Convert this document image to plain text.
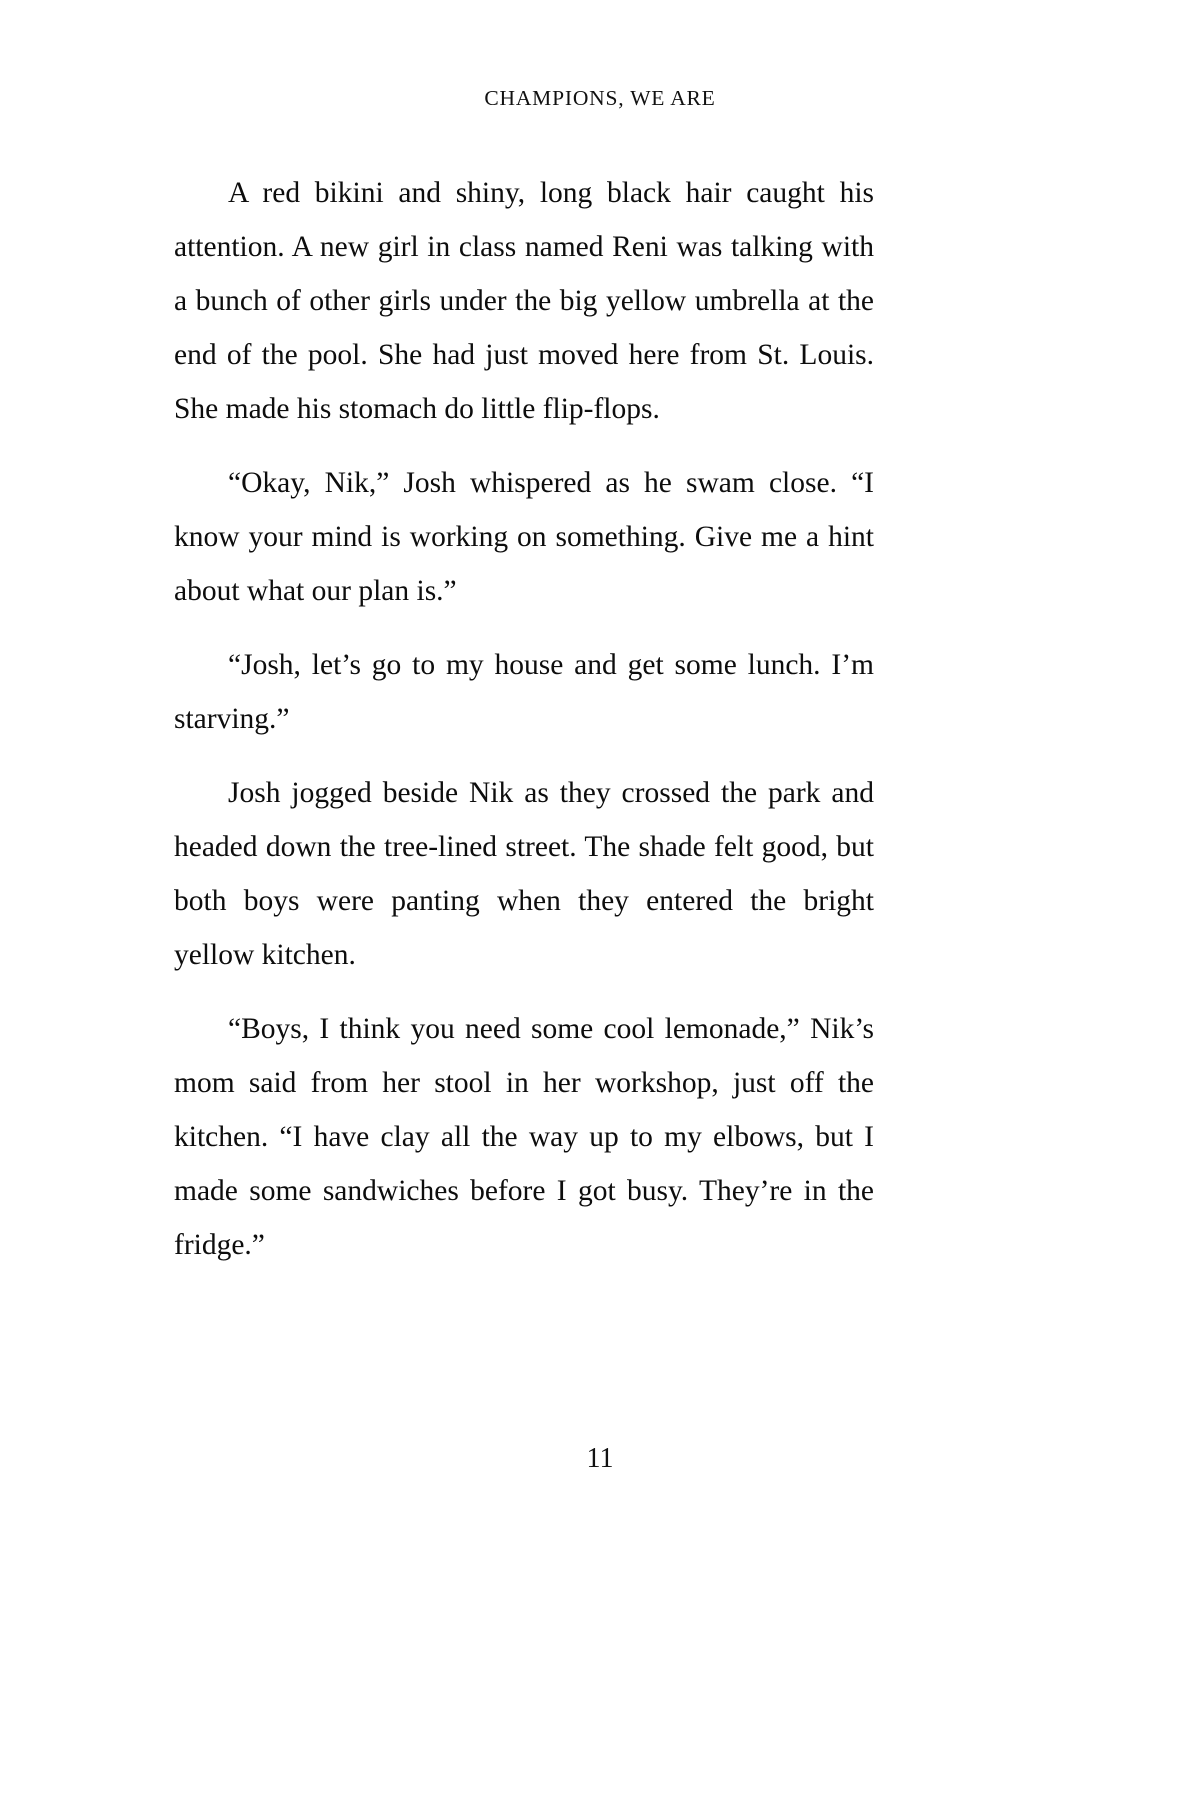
CHAMPIONS, WE ARE

A red bikini and shiny, long black hair caught his attention. A new girl in class named Reni was talking with a bunch of other girls under the big yellow umbrella at the end of the pool. She had just moved here from St. Louis. She made his stomach do little flip-flops.

“Okay, Nik,” Josh whispered as he swam close. “I know your mind is working on something. Give me a hint about what our plan is.”

“Josh, let’s go to my house and get some lunch. I’m starving.”

Josh jogged beside Nik as they crossed the park and headed down the tree-lined street. The shade felt good, but both boys were panting when they entered the bright yellow kitchen.

“Boys, I think you need some cool lemonade,” Nik’s mom said from her stool in her workshop, just off the kitchen. “I have clay all the way up to my elbows, but I made some sandwiches before I got busy. They’re in the fridge.”

11
